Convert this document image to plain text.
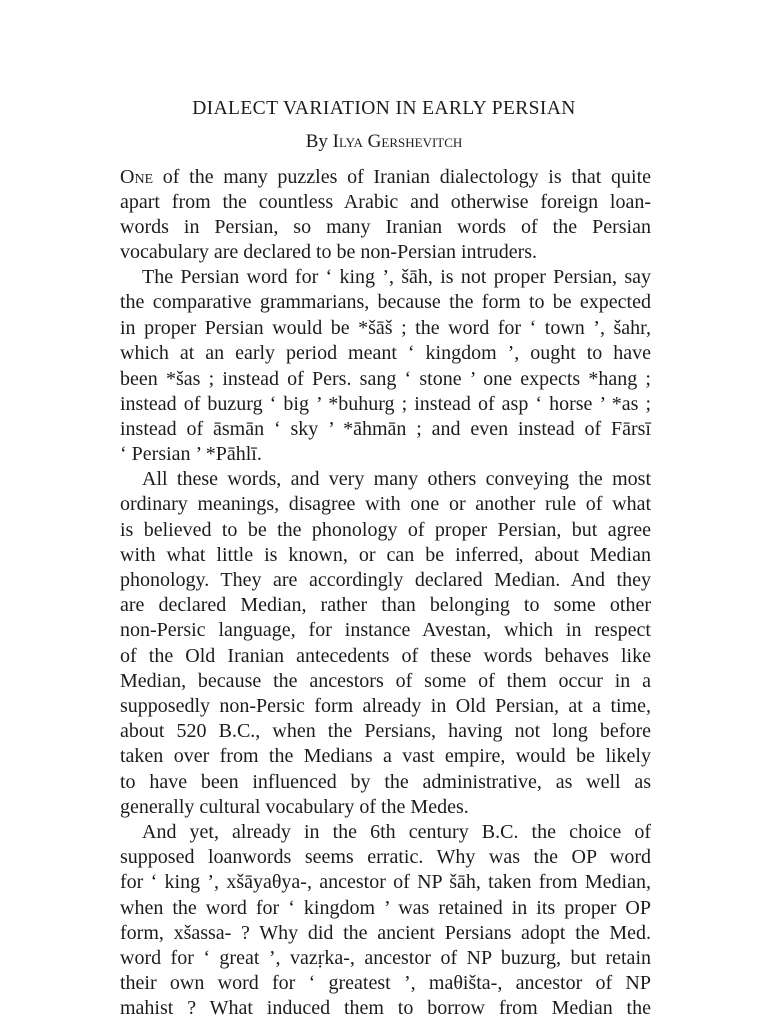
DIALECT VARIATION IN EARLY PERSIAN
By Ilya Gershevitch
One of the many puzzles of Iranian dialectology is that quite
apart from the countless Arabic and otherwise foreign loan-
words in Persian, so many Iranian words of the Persian
vocabulary are declared to be non-Persian intruders.
The Persian word for ‘ king ’, šāh, is not proper Persian, say
the comparative grammarians, because the form to be expected
in proper Persian would be *šāš ; the word for ‘ town ’, šahr,
which at an early period meant ‘ kingdom ’, ought to have
been *šas ; instead of Pers. sang ‘ stone ’ one expects *hang ;
instead of buzurg ‘ big ’ *buhurg ; instead of asp ‘ horse ’ *as ;
instead of āsmān ‘ sky ’ *āhmān ; and even instead of Fārsī
‘ Persian ’ *Pāhlī.
All these words, and very many others conveying the most
ordinary meanings, disagree with one or another rule of what
is believed to be the phonology of proper Persian, but agree
with what little is known, or can be inferred, about Median
phonology. They are accordingly declared Median. And they
are declared Median, rather than belonging to some other
non-Persic language, for instance Avestan, which in respect
of the Old Iranian antecedents of these words behaves like
Median, because the ancestors of some of them occur in a
supposedly non-Persic form already in Old Persian, at a time,
about 520 B.C., when the Persians, having not long before
taken over from the Medians a vast empire, would be likely
to have been influenced by the administrative, as well as
generally cultural vocabulary of the Medes.
And yet, already in the 6th century B.C. the choice of
supposed loanwords seems erratic. Why was the OP word
for ‘ king ’, xšāyaθya-, ancestor of NP šāh, taken from Median,
when the word for ‘ kingdom ’ was retained in its proper OP
form, xšassa- ? Why did the ancient Persians adopt the Med.
word for ‘ great ’, vazṛka-, ancestor of NP buzurg, but retain
their own word for ‘ greatest ’, maθišta-, ancestor of NP
mahist ? What induced them to borrow from Median the
